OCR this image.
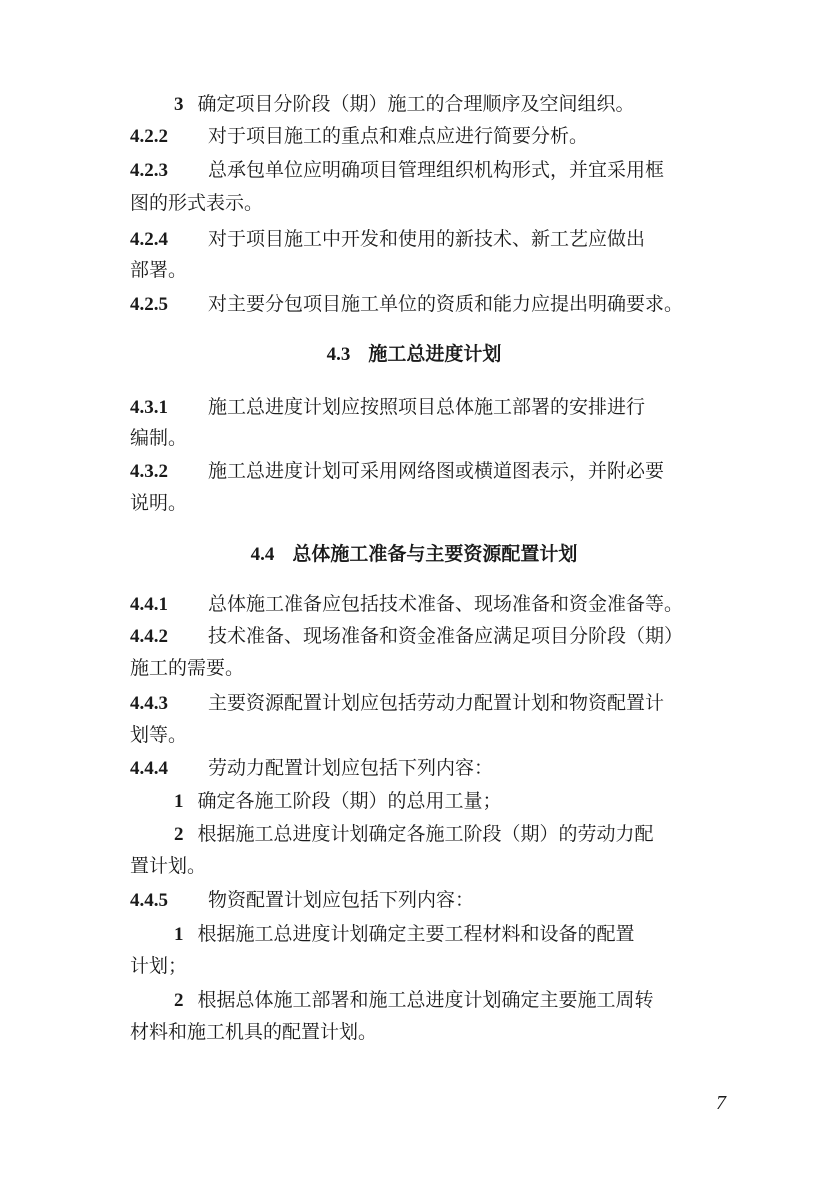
3 确定项目分阶段（期）施工的合理顺序及空间组织。
4.2.2 对于项目施工的重点和难点应进行简要分析。
4.2.3 总承包单位应明确项目管理组织机构形式，并宜采用框
图的形式表示。
4.2.4 对于项目施工中开发和使用的新技术、新工艺应做出
部署。
4.2.5 对主要分包项目施工单位的资质和能力应提出明确要求。
4.3 施工总进度计划
4.3.1 施工总进度计划应按照项目总体施工部署的安排进行
编制。
4.3.2 施工总进度计划可采用网络图或横道图表示，并附必要
说明。
4.4 总体施工准备与主要资源配置计划
4.4.1 总体施工准备应包括技术准备、现场准备和资金准备等。
4.4.2 技术准备、现场准备和资金准备应满足项目分阶段（期）
施工的需要。
4.4.3 主要资源配置计划应包括劳动力配置计划和物资配置计
划等。
4.4.4 劳动力配置计划应包括下列内容：
1 确定各施工阶段（期）的总用工量；
2 根据施工总进度计划确定各施工阶段（期）的劳动力配
置计划。
4.4.5 物资配置计划应包括下列内容：
1 根据施工总进度计划确定主要工程材料和设备的配置
计划；
2 根据总体施工部署和施工总进度计划确定主要施工周转
材料和施工机具的配置计划。
7
